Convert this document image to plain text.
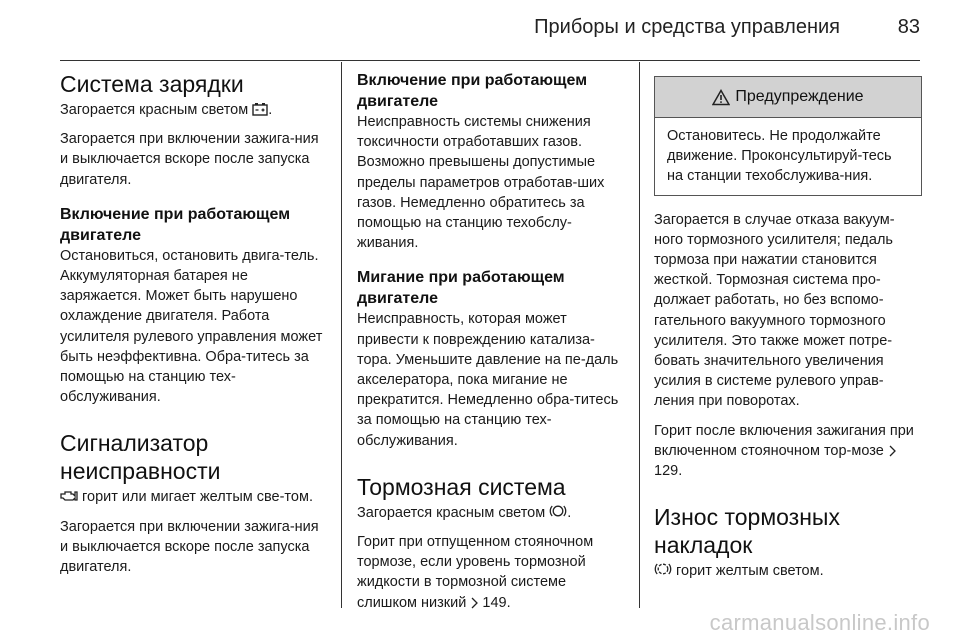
Приборы и средства управления	83
Система зарядки

Загорается красным светом .

Загорается при включении зажига-ния и выключается вскоре после запуска двигателя.

Включение при работающем двигателе

Остановиться, остановить двига-тель. Аккумуляторная батарея не заряжается. Может быть нарушено охлаждение двигателя. Работа усилителя рулевого управления может быть неэффективна. Обра-титесь за помощью на станцию тех-обслуживания.

Сигнализатор неисправности

горит или мигает желтым све-том.

Загорается при включении зажига-ния и выключается вскоре после запуска двигателя.

Включение при работающем двигателе

Неисправность системы снижения токсичности отработавших газов. Возможно превышены допустимые пределы параметров отработав-ших газов. Немедленно обратитесь за помощью на станцию техобслу-живания.

Мигание при работающем двигателе

Неисправность, которая может привести к повреждению катализа-тора. Уменьшите давление на пе-даль акселератора, пока мигание не прекратится. Немедленно обра-титесь за помощью на станцию тех-обслуживания.

Тормозная система

Загорается красным светом .

Горит при отпущенном стояночном тормозе, если уровень тормозной жидкости в тормозной системе слишком низкий 149.

Предупреждение

Остановитесь. Не продолжайте движение. Проконсультируй-тесь на станции техобслужива-ния.

Загорается в случае отказа вакуум-ного тормозного усилителя; педаль тормоза при нажатии становится жесткой. Тормозная система про-должает работать, но без вспомо-гательного вакуумного тормозного усилителя. Это также может потре-бовать значительного увеличения усилия в системе рулевого управ-ления при поворотах.

Горит после включения зажигания при включенном стояночном тор-мозе  129.

Износ тормозных накладок

горит желтым светом.

carmanualsonline.info
